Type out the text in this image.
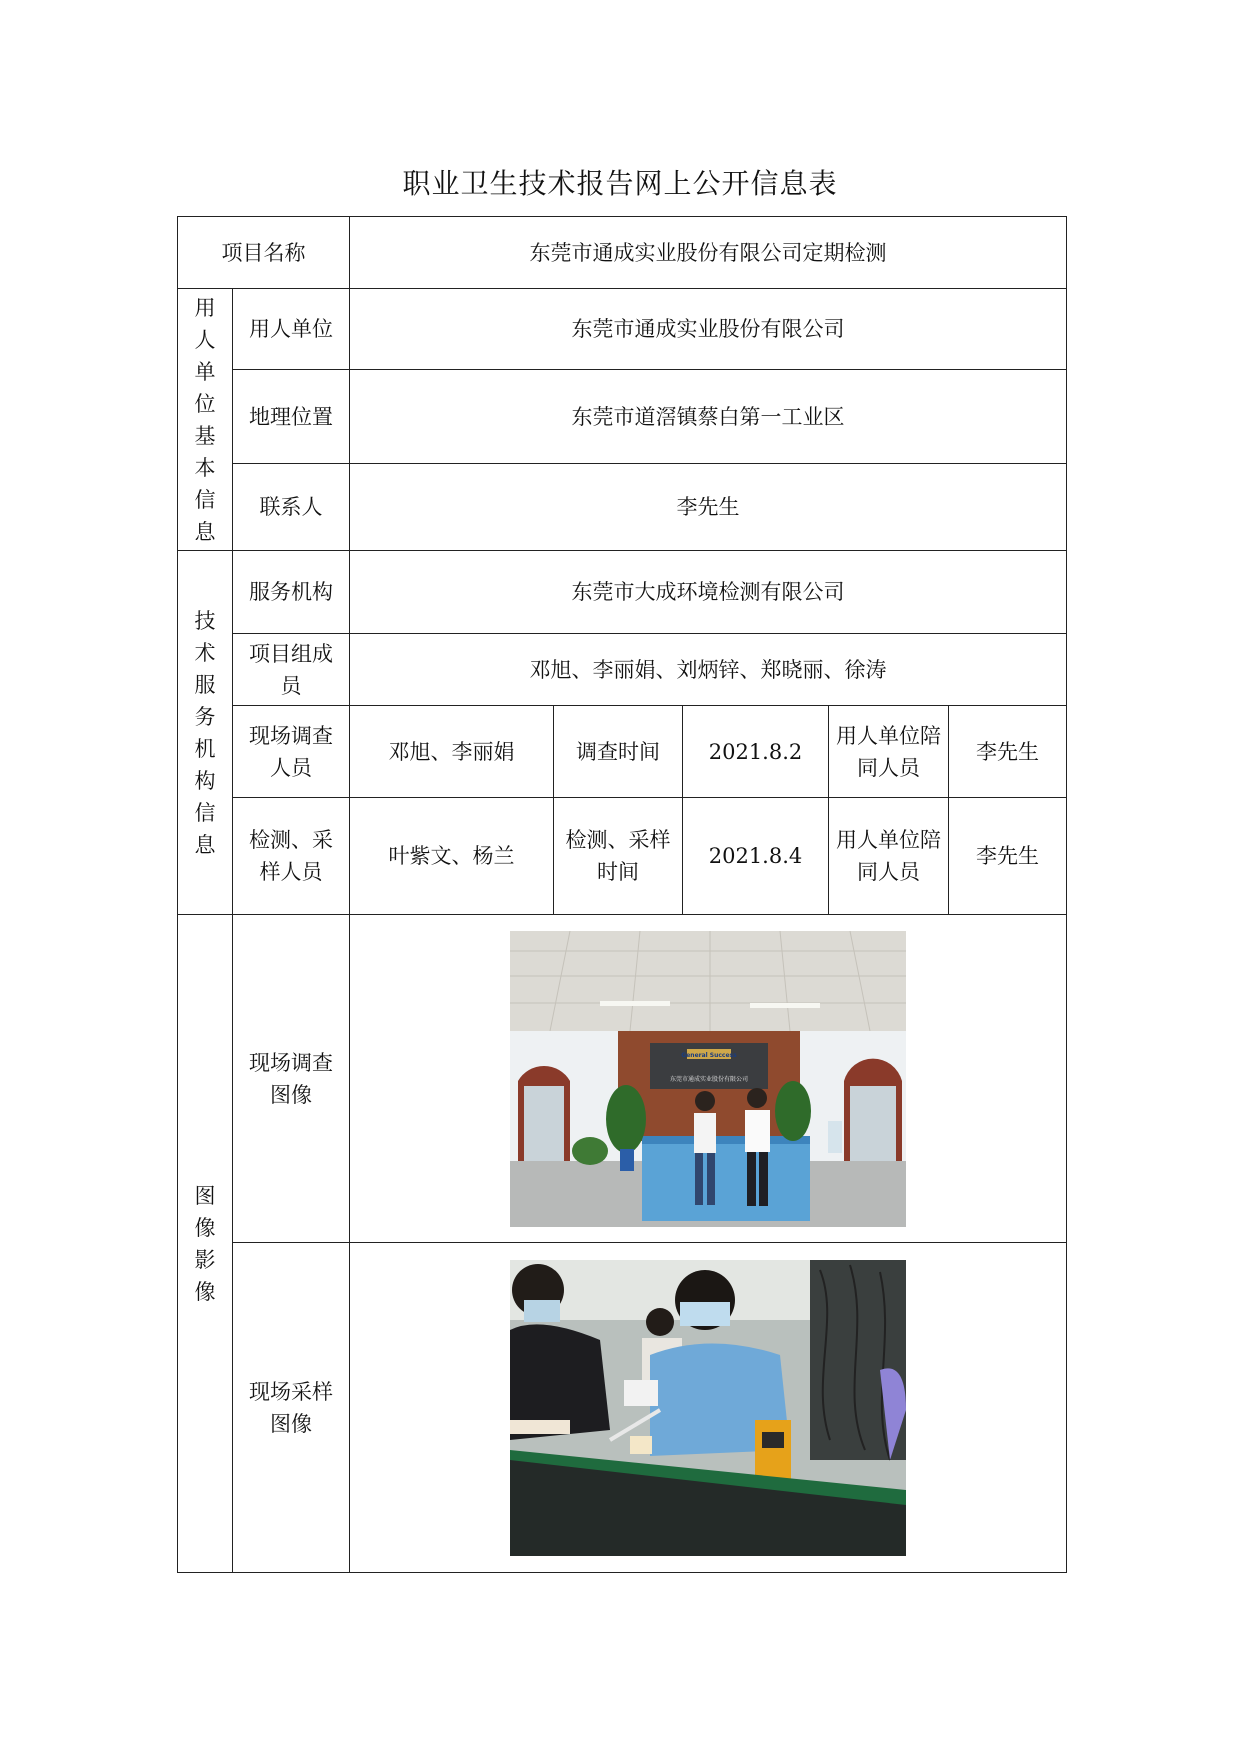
职业卫生技术报告网上公开信息表
项目名称		东莞市通成实业股份有限公司定期检测				

用人单位基本信息	用人单位	东莞市通成实业股份有限公司				
	地理位置	东莞市道滘镇蔡白第一工业区				
	联系人	李先生				

技术服务机构信息	服务机构	东莞市大成环境检测有限公司				
	项目组成员	邓旭、李丽娟、刘炳锌、郑晓丽、徐涛				
	现场调查人员	邓旭、李丽娟	调查时间	2021.8.2	用人单位陪同人员	李先生
	检测、采样人员	叶紫文、杨兰	检测、采样时间	2021.8.4	用人单位陪同人员	李先生

图像影像	现场调查图像	General Success
东莞市通成实业股份有限公司				

	现场采样图像	
